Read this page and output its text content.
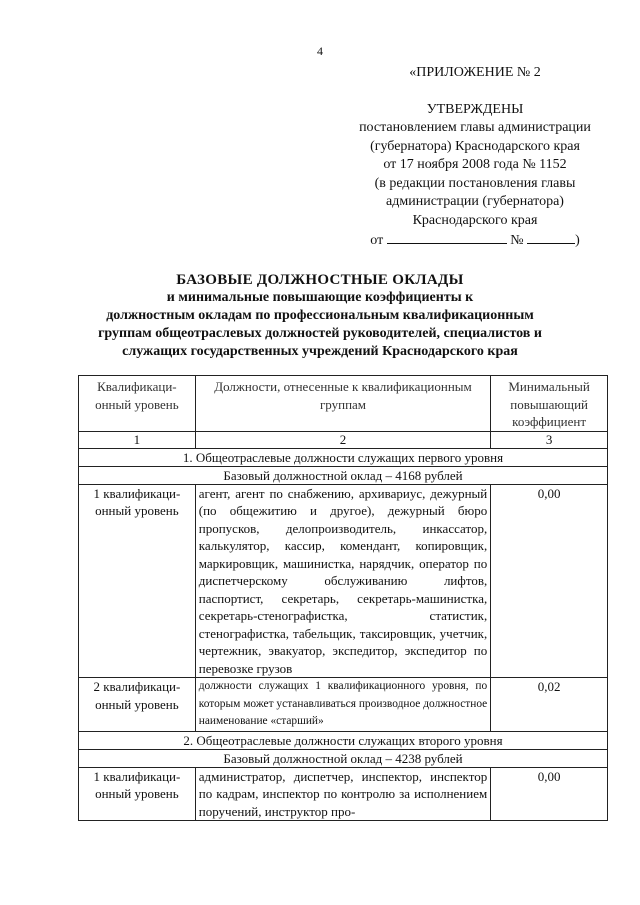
4
«ПРИЛОЖЕНИЕ № 2
УТВЕРЖДЕНЫ
постановлением главы администрации
(губернатора) Краснодарского края
от 17 ноября 2008 года № 1152
(в редакции постановления главы
администрации (губернатора)
Краснодарского края
от	№	)
БАЗОВЫЕ ДОЛЖНОСТНЫЕ ОКЛАДЫ
и минимальные повышающие коэффициенты к
должностным окладам по профессиональным квалификационным
группам общеотраслевых должностей руководителей, специалистов и
служащих государственных учреждений Краснодарского края
Квалификаци-онный уровень	Должности, отнесенные к квалификационным группам	Минимальный повышающий коэффициент
1	2	3
1. Общеотраслевые должности служащих первого уровня		
Базовый должностной оклад – 4168 рублей		
1 квалификаци-онный уровень	агент, агент по снабжению, архивариус, дежурный (по общежитию и другое), дежурный бюро пропусков, делопроизводитель, инкассатор, калькулятор, кассир, комендант, копировщик, маркировщик, машинистка, нарядчик, оператор по диспетчерскому обслуживанию лифтов, паспортист, секретарь, секретарь-машинистка, секретарь-стенографистка, статистик, стенографистка, табельщик, таксировщик, учетчик, чертежник, эвакуатор, экспедитор, экспедитор по перевозке грузов	0,00
2 квалификаци-онный уровень	должности служащих 1 квалификационного уровня, по которым может устанавливаться производное должностное наименование «старший»	0,02
2. Общеотраслевые должности служащих второго уровня		
Базовый должностной оклад – 4238 рублей		
1 квалификаци-онный уровень	администратор, диспетчер, инспектор, инспектор по кадрам, инспектор по контролю за исполнением поручений, инструктор про-	0,00
